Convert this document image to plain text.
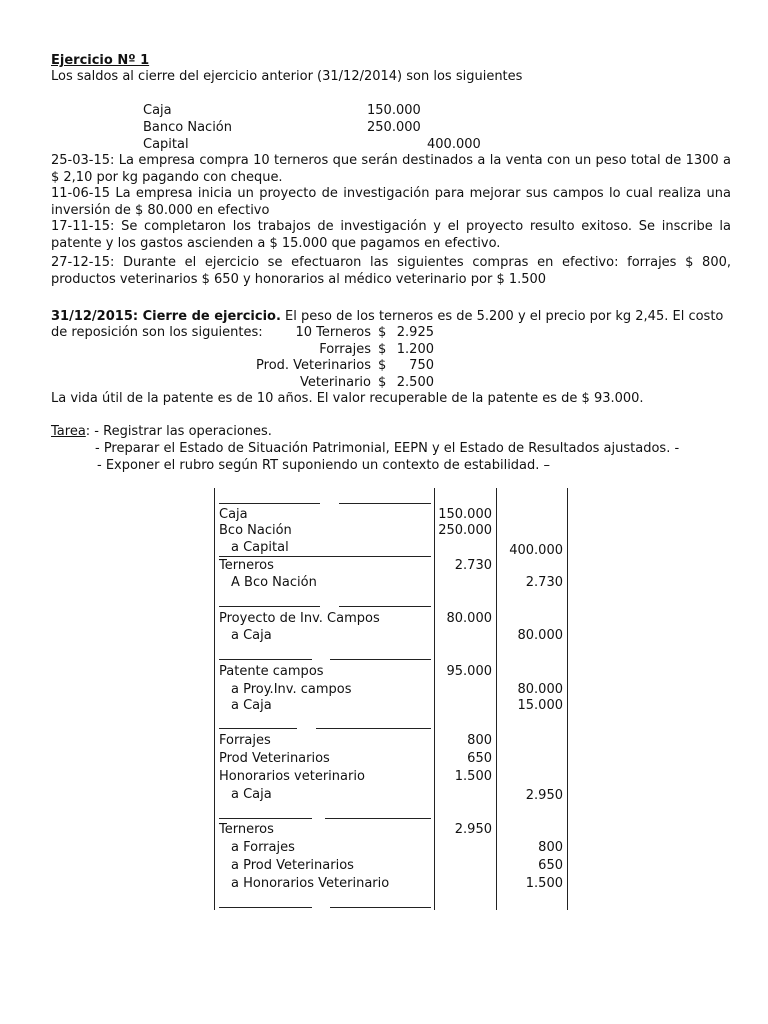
Ejercicio Nº 1
Los saldos al cierre del ejercicio anterior (31/12/2014) son los siguientes
Caja	150.000
Banco Nación	250.000
Capital	400.000
25-03-15: La empresa compra 10 terneros que serán destinados a la venta con un peso total de 1300 a $ 2,10 por kg pagando con cheque.
11-06-15 La empresa inicia un proyecto de investigación para mejorar sus campos lo cual realiza una inversión de $ 80.000 en efectivo
17-11-15: Se completaron los trabajos de investigación y el proyecto resulto exitoso. Se inscribe la patente y los gastos ascienden a $ 15.000 que pagamos en efectivo.
27-12-15: Durante el ejercicio se efectuaron las siguientes compras en efectivo: forrajes $ 800, productos veterinarios $ 650 y honorarios al médico veterinario por $ 1.500
31/12/2015: Cierre de ejercicio. El peso de los terneros es de 5.200 y el precio por kg 2,45. El costo
de reposición son los siguientes:	10 Terneros $ 2.925
Forrajes $ 1.200
Prod. Veterinarios $	750
Veterinario $ 2.500
La vida útil de la patente es de 10 años. El valor recuperable de la patente es de $ 93.000.
Tarea: - Registrar las operaciones.
- Preparar el Estado de Situación Patrimonial, EEPN y el Estado de Resultados ajustados. -
- Exponer el rubro según RT suponiendo un contexto de estabilidad. –
Caja	150.000
Bco Nación	250.000
a Capital	400.000
Terneros	2.730
A Bco Nación	2.730
Proyecto de Inv. Campos	80.000
a Caja	80.000
Patente campos	95.000
a Proy.Inv. campos	80.000
a Caja	15.000
Forrajes	800
Prod Veterinarios	650
Honorarios veterinario	1.500
a Caja	2.950
Terneros	2.950
a Forrajes	800
a Prod Veterinarios	650
a Honorarios Veterinario	1.500
